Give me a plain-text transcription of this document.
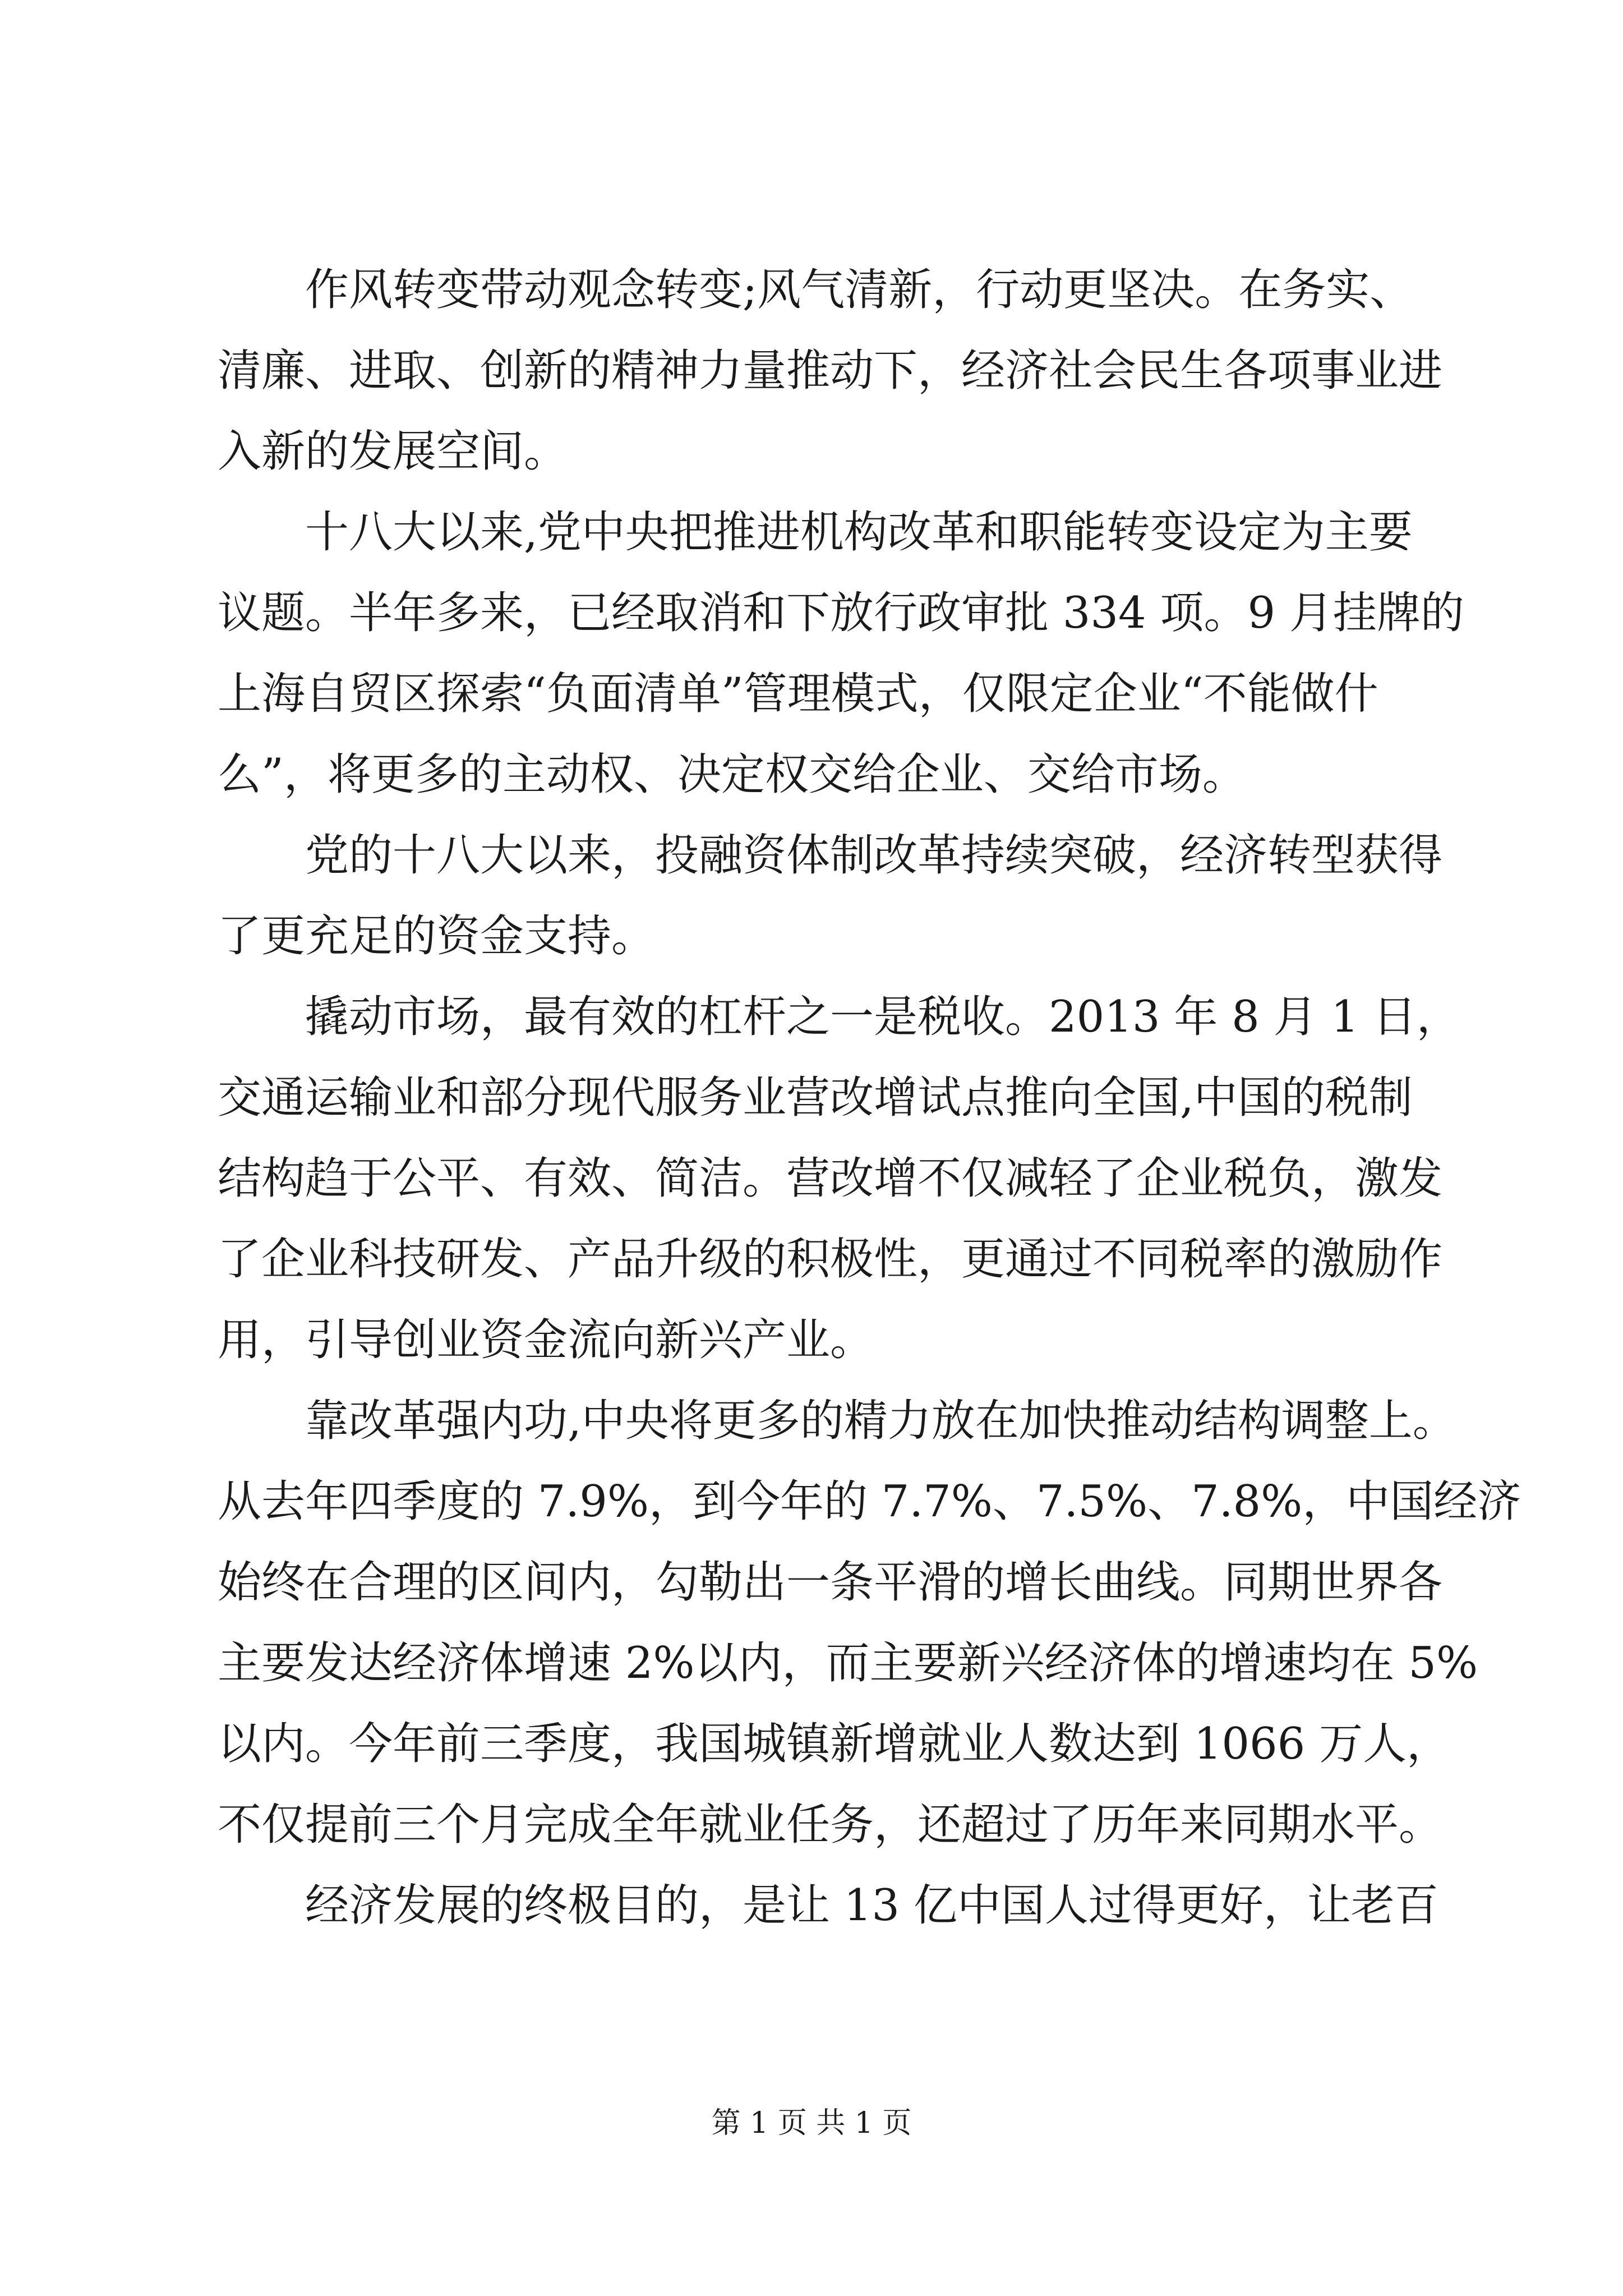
作风转变带动观念转变;风气清新，行动更坚决。在务实、
清廉、进取、创新的精神力量推动下，经济社会民生各项事业进
入新的发展空间。
十八大以来,党中央把推进机构改革和职能转变设定为主要
议题。半年多来，已经取消和下放行政审批 334 项。9 月挂牌的
上海自贸区探索“负面清单”管理模式，仅限定企业“不能做什
么”，将更多的主动权、决定权交给企业、交给市场。
党的十八大以来，投融资体制改革持续突破，经济转型获得
了更充足的资金支持。
撬动市场，最有效的杠杆之一是税收。2013 年 8 月 1 日，
交通运输业和部分现代服务业营改增试点推向全国,中国的税制
结构趋于公平、有效、简洁。营改增不仅减轻了企业税负，激发
了企业科技研发、产品升级的积极性，更通过不同税率的激励作
用，引导创业资金流向新兴产业。
靠改革强内功,中央将更多的精力放在加快推动结构调整上。
从去年四季度的 7.9%，到今年的 7.7%、7.5%、7.8%，中国经济
始终在合理的区间内，勾勒出一条平滑的增长曲线。同期世界各
主要发达经济体增速 2%以内，而主要新兴经济体的增速均在 5%
以内。今年前三季度，我国城镇新增就业人数达到 1066 万人，
不仅提前三个月完成全年就业任务，还超过了历年来同期水平。
经济发展的终极目的，是让 13 亿中国人过得更好，让老百
第 1 页 共 1 页
